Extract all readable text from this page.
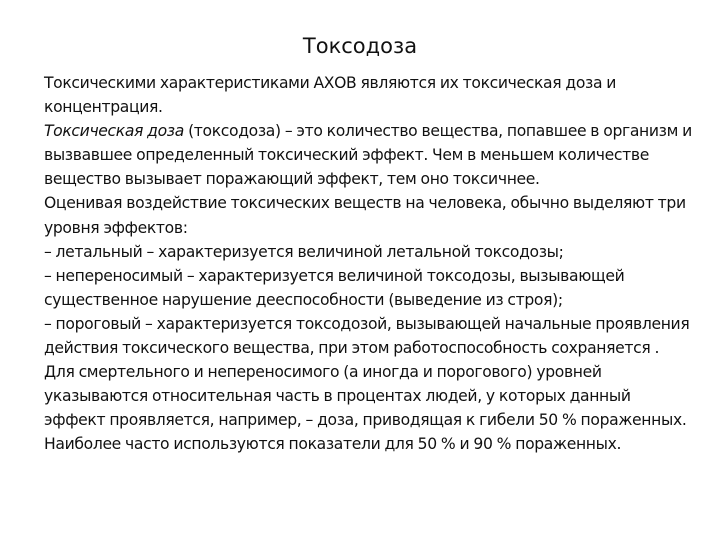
Токсодоза

Токсическими характеристиками АХОВ являются их токсическая доза и концентрация.

Токсическая доза (токсодоза) – это количество вещества, попавшее в организм и вызвавшее определенный токсический эффект. Чем в меньшем количестве вещество вызывает поражающий эффект, тем оно токсичнее.

Оценивая воздействие токсических веществ на человека, обычно выделяют три уровня эффектов:

– летальный – характеризуется величиной летальной токсодозы;

– непереносимый – характеризуется величиной токсодозы, вызывающей существенное нарушение дееспособности (выведение из строя);

– пороговый – характеризуется токсодозой, вызывающей начальные проявления действия токсического вещества, при этом работоспособность сохраняется .

Для смертельного и непереносимого (а иногда и порогового) уровней указываются относительная часть в процентах людей, у которых данный эффект проявляется, например, – доза, приводящая к гибели 50 % пораженных. Наиболее часто используются показатели для 50 % и 90 % пораженных.
